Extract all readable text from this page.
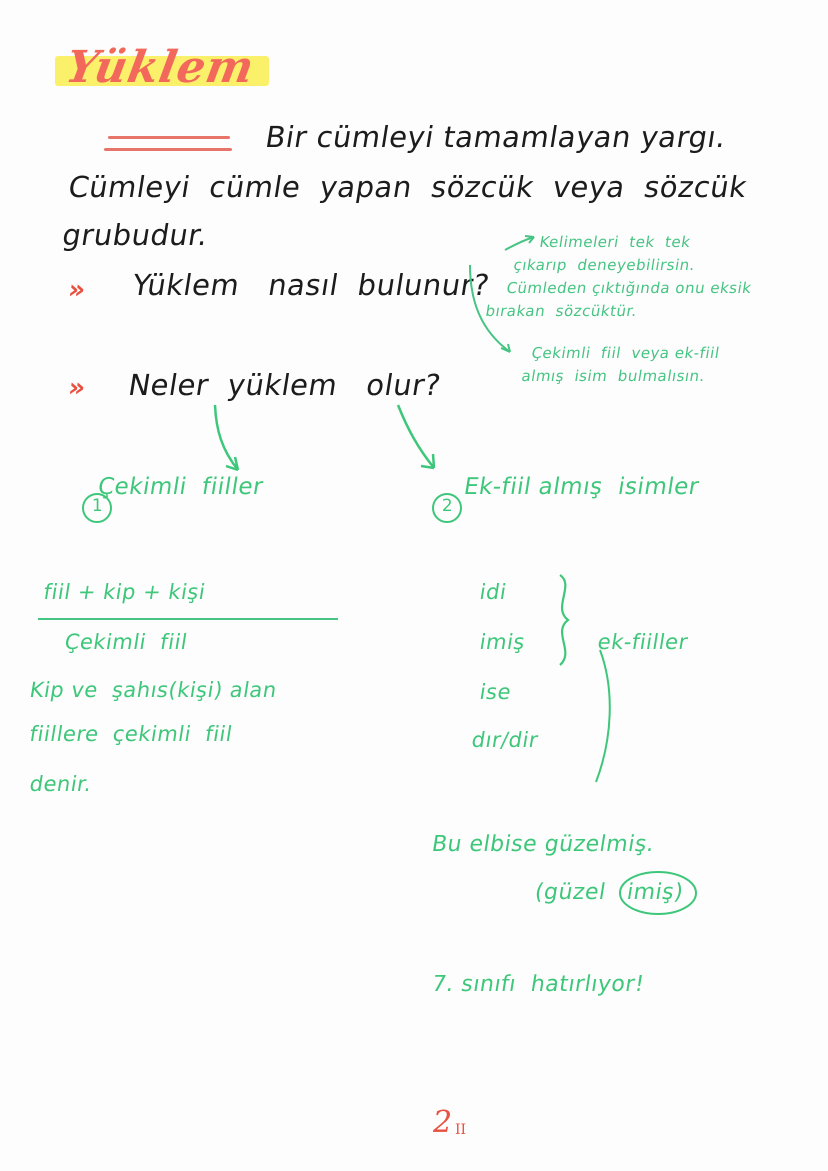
Yüklem
Bir cümleyi tamamlayan yargı.
Cümleyi  cümle  yapan  sözcük  veya  sözcük
grubudur.
» Yüklem   nasıl  bulunur?
» Neler  yüklem   olur?
Kelimeleri  tek  tek
çıkarıp  deneyebilirsin.
Cümleden çıktığında onu eksik
bırakan  sözcüktür.
Çekimli  fiil  veya ek-fiil
almış  isim  bulmalısın.

1

Çekimli  fiiller

2

Ek-fiil almış  isimler
fiil + kip + kişi
Çekimli  fiil
Kip ve  şahıs(kişi) alan
fiillere  çekimli  fiil
denir.
idi
imiş
ise
dır/dir
ek-fiiller
Bu elbise güzelmiş.
(güzel imiş)
7. sınıfı  hatırlıyor!
2 II
